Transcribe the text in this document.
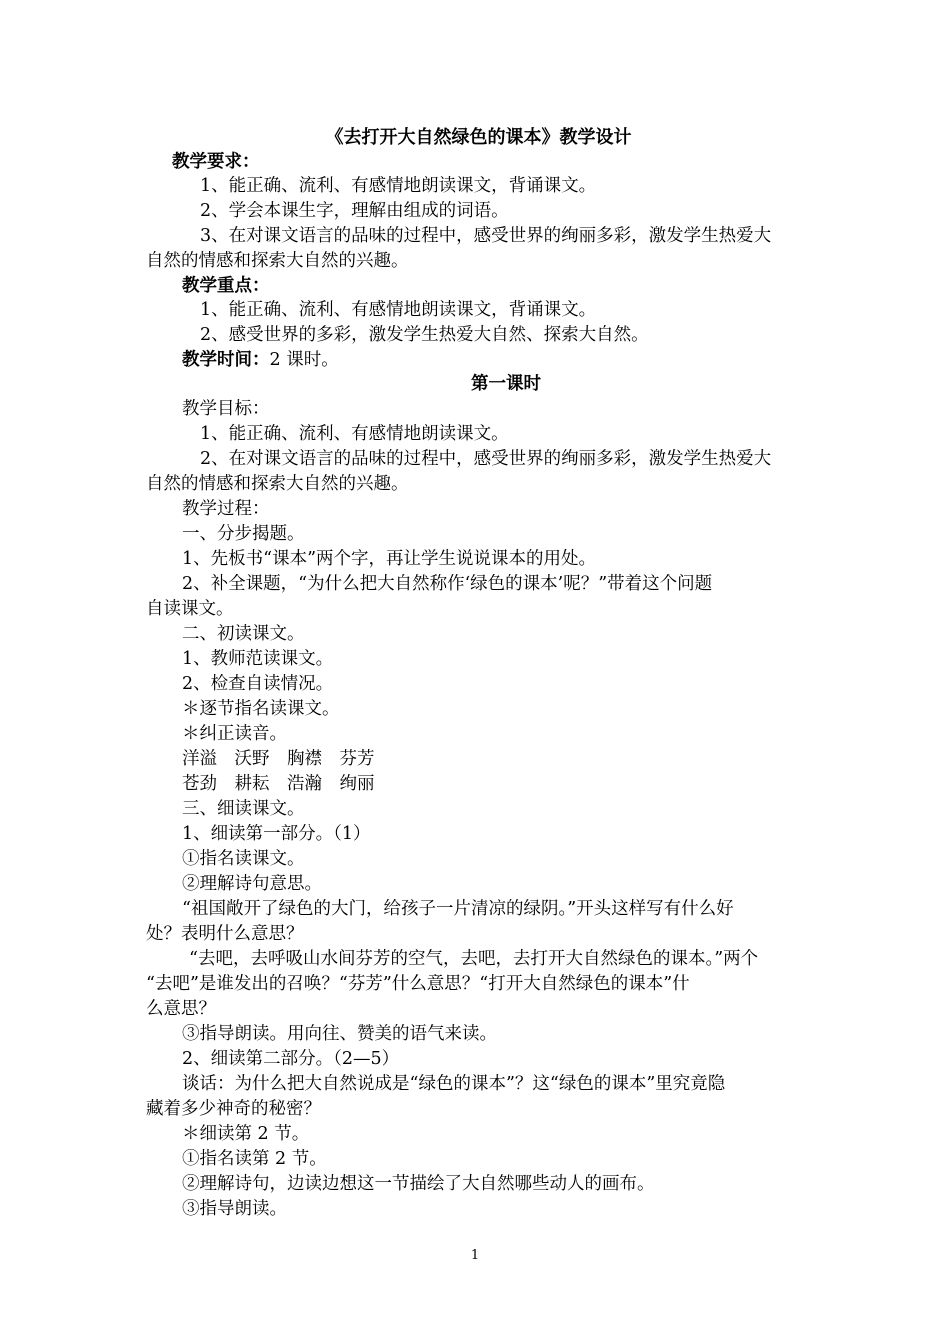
《去打开大自然绿色的课本》教学设计
教学要求：
1、能正确、流利、有感情地朗读课文，背诵课文。
2、学会本课生字，理解由组成的词语。
3、在对课文语言的品味的过程中，感受世界的绚丽多彩，激发学生热爱大
自然的情感和探索大自然的兴趣。
教学重点：
1、能正确、流利、有感情地朗读课文，背诵课文。
2、感受世界的多彩，激发学生热爱大自然、探索大自然。
教学时间：2 课时。
第一课时
教学目标：
1、能正确、流利、有感情地朗读课文。
2、在对课文语言的品味的过程中，感受世界的绚丽多彩，激发学生热爱大
自然的情感和探索大自然的兴趣。
教学过程：
一、分步揭题。
1、先板书“课本”两个字，再让学生说说课本的用处。
2、补全课题，“为什么把大自然称作‘绿色的课本’呢？”带着这个问题
自读课文。
二、初读课文。
1、教师范读课文。
2、检查自读情况。
＊逐节指名读课文。
＊纠正读音。
洋溢　沃野　胸襟　芬芳
苍劲　耕耘　浩瀚　绚丽
三、细读课文。
1、细读第一部分。（1）
①指名读课文。
②理解诗句意思。
“祖国敞开了绿色的大门，给孩子一片清凉的绿阴。”开头这样写有什么好
处？表明什么意思？
“去吧，去呼吸山水间芬芳的空气，去吧，去打开大自然绿色的课本。”两个
“去吧”是谁发出的召唤？“芬芳”什么意思？“打开大自然绿色的课本”什
么意思？
③指导朗读。用向往、赞美的语气来读。
2、细读第二部分。（2—5）
谈话：为什么把大自然说成是“绿色的课本”？这“绿色的课本”里究竟隐
藏着多少神奇的秘密？
＊细读第 2 节。
①指名读第 2 节。
②理解诗句，边读边想这一节描绘了大自然哪些动人的画布。
③指导朗读。
1
